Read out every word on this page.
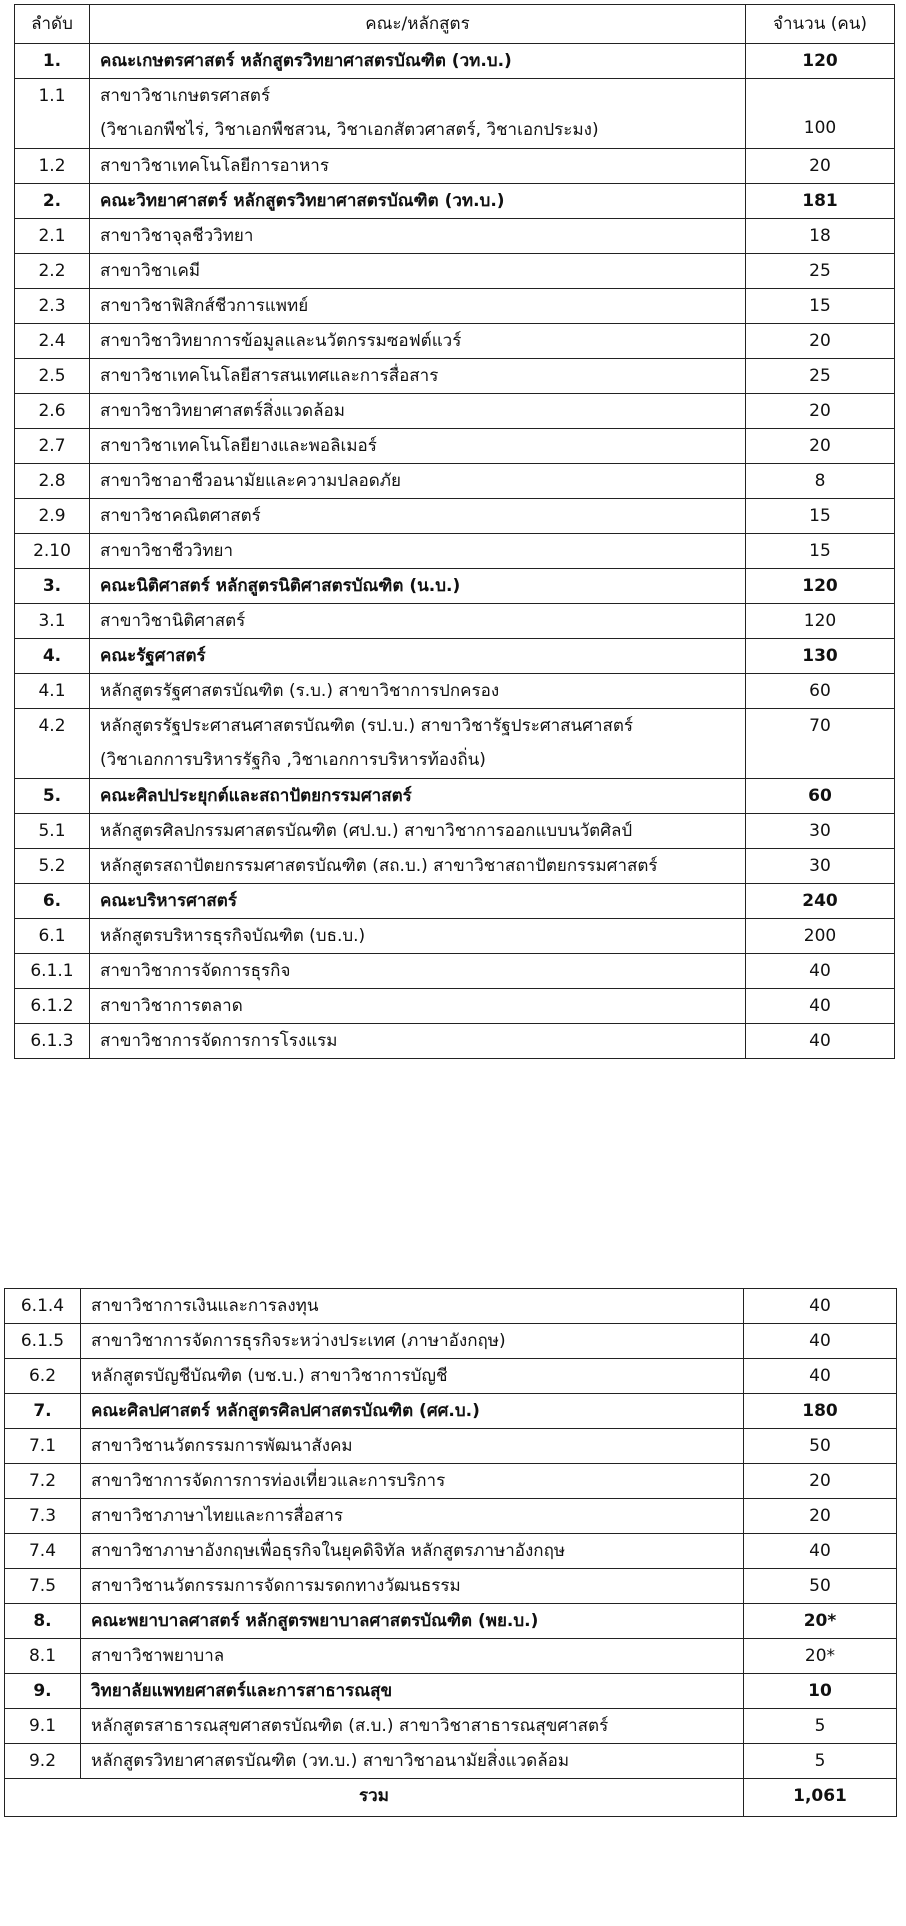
ลำดับ	คณะ/หลักสูตร	จำนวน (คน)
1.	คณะเกษตรศาสตร์ หลักสูตรวิทยาศาสตรบัณฑิต (วท.บ.)	120
1.1	สาขาวิชาเกษตรศาสตร์
(วิชาเอกพืชไร่, วิชาเอกพืชสวน, วิชาเอกสัตวศาสตร์, วิชาเอกประมง)	100
1.2	สาขาวิชาเทคโนโลยีการอาหาร	20
2.	คณะวิทยาศาสตร์ หลักสูตรวิทยาศาสตรบัณฑิต (วท.บ.)	181
2.1	สาขาวิชาจุลชีววิทยา	18
2.2	สาขาวิชาเคมี	25
2.3	สาขาวิชาฟิสิกส์ชีวการแพทย์	15
2.4	สาขาวิชาวิทยาการข้อมูลและนวัตกรรมซอฟต์แวร์	20
2.5	สาขาวิชาเทคโนโลยีสารสนเทศและการสื่อสาร	25
2.6	สาขาวิชาวิทยาศาสตร์สิ่งแวดล้อม	20
2.7	สาขาวิชาเทคโนโลยียางและพอลิเมอร์	20
2.8	สาขาวิชาอาชีวอนามัยและความปลอดภัย	8
2.9	สาขาวิชาคณิตศาสตร์	15
2.10	สาขาวิชาชีววิทยา	15
3.	คณะนิติศาสตร์ หลักสูตรนิติศาสตรบัณฑิต (น.บ.)	120
3.1	สาขาวิชานิติศาสตร์	120
4.	คณะรัฐศาสตร์	130
4.1	หลักสูตรรัฐศาสตรบัณฑิต (ร.บ.) สาขาวิชาการปกครอง	60
4.2	หลักสูตรรัฐประศาสนศาสตรบัณฑิต (รป.บ.) สาขาวิชารัฐประศาสนศาสตร์
(วิชาเอกการบริหารรัฐกิจ ,วิชาเอกการบริหารท้องถิ่น)	70
5.	คณะศิลปประยุกต์และสถาปัตยกรรมศาสตร์	60
5.1	หลักสูตรศิลปกรรมศาสตรบัณฑิต (ศป.บ.) สาขาวิชาการออกแบบนวัตศิลป์	30
5.2	หลักสูตรสถาปัตยกรรมศาสตรบัณฑิต (สถ.บ.) สาขาวิชาสถาปัตยกรรมศาสตร์	30
6.	คณะบริหารศาสตร์	240
6.1	หลักสูตรบริหารธุรกิจบัณฑิต (บธ.บ.)	200
6.1.1	สาขาวิชาการจัดการธุรกิจ	40
6.1.2	สาขาวิชาการตลาด	40
6.1.3	สาขาวิชาการจัดการการโรงแรม	40
6.1.4	สาขาวิชาการเงินและการลงทุน	40
6.1.5	สาขาวิชาการจัดการธุรกิจระหว่างประเทศ (ภาษาอังกฤษ)	40
6.2	หลักสูตรบัญชีบัณฑิต (บช.บ.) สาขาวิชาการบัญชี	40
7.	คณะศิลปศาสตร์ หลักสูตรศิลปศาสตรบัณฑิต (ศศ.บ.)	180
7.1	สาขาวิชานวัตกรรมการพัฒนาสังคม	50
7.2	สาขาวิชาการจัดการการท่องเที่ยวและการบริการ	20
7.3	สาขาวิชาภาษาไทยและการสื่อสาร	20
7.4	สาขาวิชาภาษาอังกฤษเพื่อธุรกิจในยุคดิจิทัล หลักสูตรภาษาอังกฤษ	40
7.5	สาขาวิชานวัตกรรมการจัดการมรดกทางวัฒนธรรม	50
8.	คณะพยาบาลศาสตร์ หลักสูตรพยาบาลศาสตรบัณฑิต (พย.บ.)	20*
8.1	สาขาวิชาพยาบาล	20*
9.	วิทยาลัยแพทยศาสตร์และการสาธารณสุข	10
9.1	หลักสูตรสาธารณสุขศาสตรบัณฑิต (ส.บ.) สาขาวิชาสาธารณสุขศาสตร์	5
9.2	หลักสูตรวิทยาศาสตรบัณฑิต (วท.บ.) สาขาวิชาอนามัยสิ่งแวดล้อม	5
รวม		1,061
